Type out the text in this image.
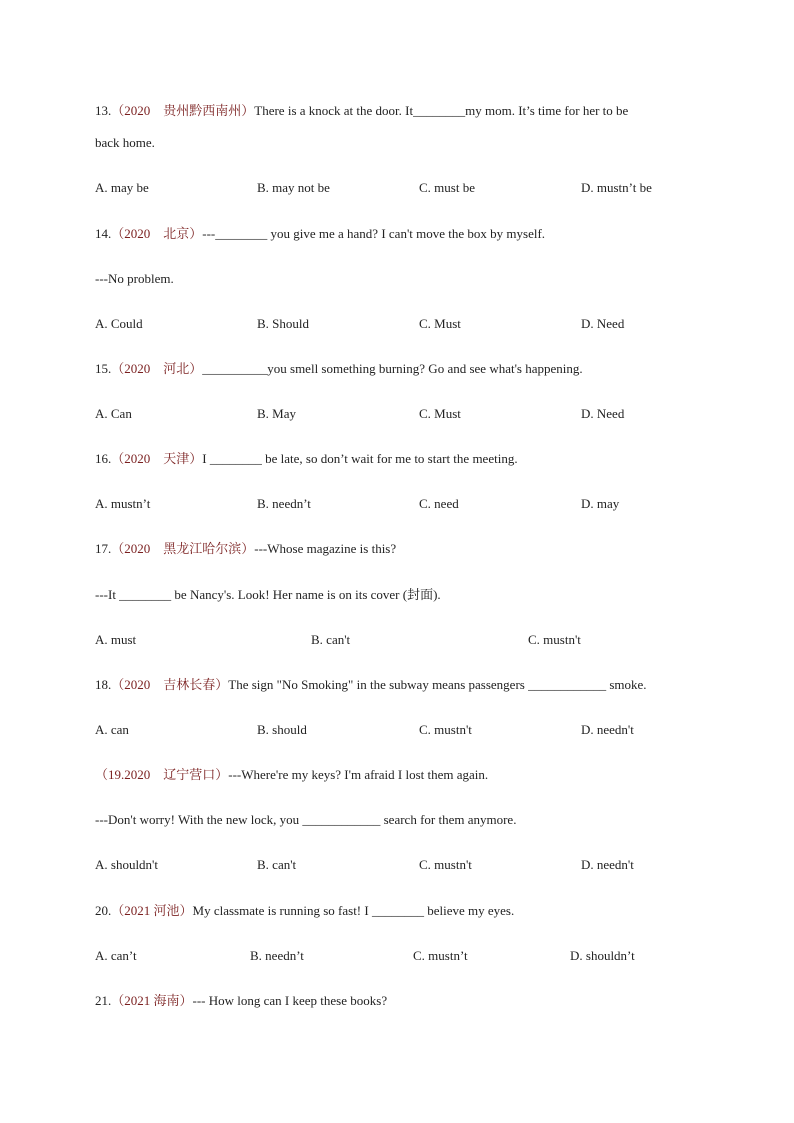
13.（2020　贵州黔西南州）There is a knock at the door. It________my mom. It’s time for her to be
back home.
A. may be	B. may not be	C. must be	D. mustn’t be
14.（2020　北京）---________ you give me a hand? I can't move the box by myself.
---No problem.
A. Could	B. Should	C. Must	D. Need
15.（2020　河北）__________you smell something burning? Go and see what's happening.
A. Can	B. May	C. Must	D. Need
16.（2020　天津）I ________ be late, so don’t wait for me to start the meeting.
A. mustn’t	B. needn’t	C. need	D. may
17.（2020　黑龙江哈尔滨）---Whose magazine is this?
---It ________ be Nancy's. Look! Her name is on its cover (封面).
A. must	B. can't	C. mustn't
18.（2020　吉林长春）The sign "No Smoking" in the subway means passengers ____________ smoke.
A. can	B. should	C. mustn't	D. needn't
（19.2020　辽宁营口）---Where're my keys? I'm afraid I lost them again.
---Don't worry! With the new lock, you ____________ search for them anymore.
A. shouldn't	B. can't	C. mustn't	D. needn't
20.（2021 河池）My classmate is running so fast! I ________ believe my eyes.
A. can’t	B. needn’t	C. mustn’t	D. shouldn’t
21.（2021 海南）--- How long can I keep these books?
